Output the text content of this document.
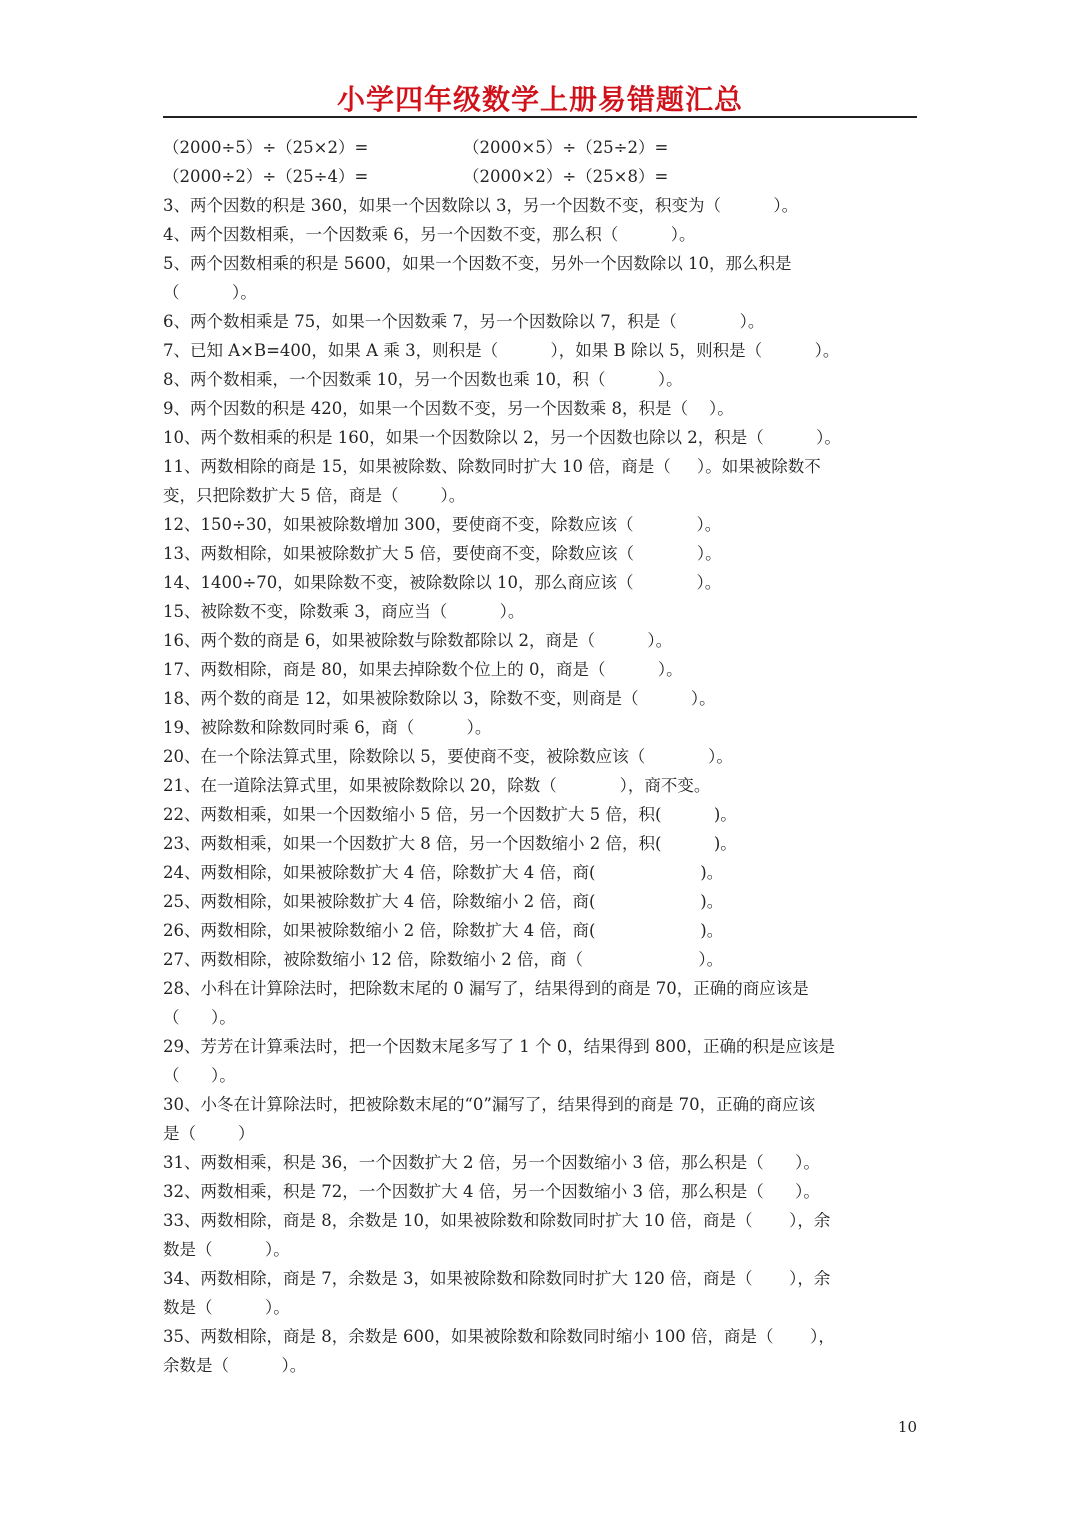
小学四年级数学上册易错题汇总
（2000÷5）÷（25×2）=	（2000×5）÷（25÷2）=
（2000÷2）÷（25÷4）=	（2000×2）÷（25×8）=
3、两个因数的积是 360，如果一个因数除以 3，另一个因数不变，积变为（          ）。
4、两个因数相乘，一个因数乘 6，另一个因数不变，那么积（          ）。
5、两个因数相乘的积是 5600，如果一个因数不变，另外一个因数除以 10，那么积是
（          ）。
6、两个数相乘是 75，如果一个因数乘 7，另一个因数除以 7，积是（            ）。
7、已知 A×B=400，如果 A 乘 3，则积是（          ），如果 B 除以 5，则积是（          ）。
8、两个数相乘，一个因数乘 10，另一个因数也乘 10，积（          ）。
9、两个因数的积是 420，如果一个因数不变，另一个因数乘 8，积是（    ）。
10、两个数相乘的积是 160，如果一个因数除以 2，另一个因数也除以 2，积是（          ）。
11、两数相除的商是 15，如果被除数、除数同时扩大 10 倍，商是（     ）。如果被除数不
变，只把除数扩大 5 倍，商是（        ）。
12、150÷30，如果被除数增加 300，要使商不变，除数应该（            ）。
13、两数相除，如果被除数扩大 5 倍，要使商不变，除数应该（            ）。
14、1400÷70，如果除数不变，被除数除以 10，那么商应该（            ）。
15、被除数不变，除数乘 3，商应当（          ）。
16、两个数的商是 6，如果被除数与除数都除以 2，商是（          ）。
17、两数相除，商是 80，如果去掉除数个位上的 0，商是（          ）。
18、两个数的商是 12，如果被除数除以 3，除数不变，则商是（          ）。
19、被除数和除数同时乘 6，商（          ）。
20、在一个除法算式里，除数除以 5，要使商不变，被除数应该（            ）。
21、在一道除法算式里，如果被除数除以 20，除数（            ），商不变。
22、两数相乘，如果一个因数缩小 5 倍，另一个因数扩大 5 倍，积(          )。
23、两数相乘，如果一个因数扩大 8 倍，另一个因数缩小 2 倍，积(          )。
24、两数相除，如果被除数扩大 4 倍，除数扩大 4 倍，商(                    )。
25、两数相除，如果被除数扩大 4 倍，除数缩小 2 倍，商(                    )。
26、两数相除，如果被除数缩小 2 倍，除数扩大 4 倍，商(                    )。
27、两数相除，被除数缩小 12 倍，除数缩小 2 倍，商（                      ）。
28、小科在计算除法时，把除数末尾的 0 漏写了，结果得到的商是 70，正确的商应该是
（      ）。
29、芳芳在计算乘法时，把一个因数末尾多写了 1 个 0，结果得到 800，正确的积是应该是
（      ）。
30、小冬在计算除法时，把被除数末尾的“0”漏写了，结果得到的商是 70，正确的商应该
是（        ）
31、两数相乘，积是 36，一个因数扩大 2 倍，另一个因数缩小 3 倍，那么积是（      ）。
32、两数相乘，积是 72，一个因数扩大 4 倍，另一个因数缩小 3 倍，那么积是（      ）。
33、两数相除，商是 8，余数是 10，如果被除数和除数同时扩大 10 倍，商是（       ），余
数是（          ）。
34、两数相除，商是 7，余数是 3，如果被除数和除数同时扩大 120 倍，商是（       ），余
数是（          ）。
35、两数相除，商是 8，余数是 600，如果被除数和除数同时缩小 100 倍，商是（       ），
余数是（          ）。
10
